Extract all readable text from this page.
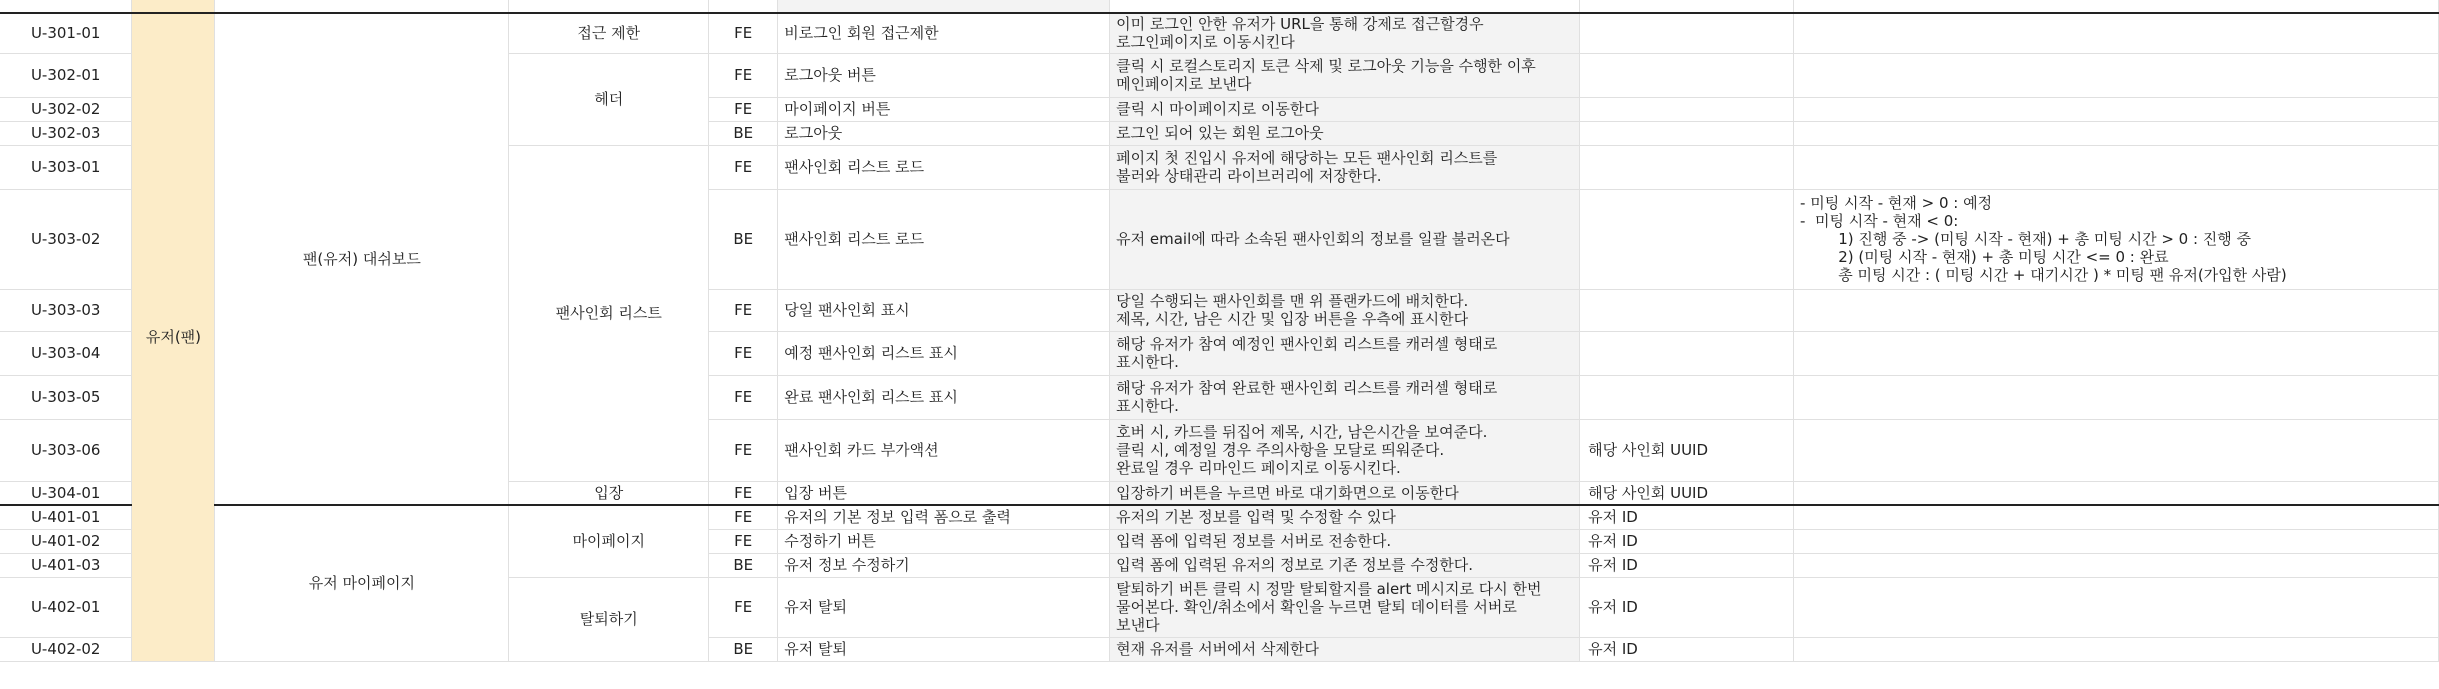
U-301-01	유저(팬)	팬(유저) 대쉬보드	접근 제한	FE	비로그인 회원 접근제한	이미 로그인 안한 유저가 URL을 통해 강제로 접근할경우
로그인페이지로 이동시킨다		
U-302-01			헤더	FE	로그아웃 버튼	클릭 시 로컬스토리지 토큰 삭제 및 로그아웃 기능을 수행한 이후
메인페이지로 보낸다		
U-302-02				FE	마이페이지 버튼	클릭 시 마이페이지로 이동한다		
U-302-03				BE	로그아웃	로그인 되어 있는 회원 로그아웃		
U-303-01			팬사인회 리스트	FE	팬사인회 리스트 로드	페이지 첫 진입시 유저에 해당하는 모든 팬사인회 리스트를
불러와 상태관리 라이브러리에 저장한다.		
U-303-02				BE	팬사인회 리스트 로드	유저 email에 따라 소속된 팬사인회의 정보를 일괄 불러온다		- 미팅 시작 - 현재 > 0 : 예정
-  미팅 시작 - 현재 < 0:
1) 진행 중 -> (미팅 시작 - 현재) + 총 미팅 시간 > 0 : 진행 중
2) (미팅 시작 - 현재) + 총 미팅 시간 <= 0 : 완료
총 미팅 시간 : ( 미팅 시간 + 대기시간 ) * 미팅 팬 유저(가입한 사람)
U-303-03				FE	당일 팬사인회 표시	당일 수행되는 팬사인회를 맨 위 플랜카드에 배치한다.
제목, 시간, 남은 시간 및 입장 버튼을 우측에 표시한다		
U-303-04				FE	예정 팬사인회 리스트 표시	해당 유저가 참여 예정인 팬사인회 리스트를 캐러셀 형태로
표시한다.		
U-303-05				FE	완료 팬사인회 리스트 표시	해당 유저가 참여 완료한 팬사인회 리스트를 캐러셀 형태로
표시한다.		
U-303-06				FE	팬사인회 카드 부가액션	호버 시, 카드를 뒤집어 제목, 시간, 남은시간을 보여준다.
클릭 시, 예정일 경우 주의사항을 모달로 띄워준다.
완료일 경우 리마인드 페이지로 이동시킨다.	해당 사인회 UUID	
U-304-01			입장	FE	입장 버튼	입장하기 버튼을 누르면 바로 대기화면으로 이동한다	해당 사인회 UUID	
U-401-01		유저 마이페이지	마이페이지	FE	유저의 기본 정보 입력 폼으로 출력	유저의 기본 정보를 입력 및 수정할 수 있다	유저 ID	
U-401-02				FE	수정하기 버튼	입력 폼에 입력된 정보를 서버로 전송한다.	유저 ID	
U-401-03				BE	유저 정보 수정하기	입력 폼에 입력된 유저의 정보로 기존 정보를 수정한다.	유저 ID	
U-402-01			탈퇴하기	FE	유저 탈퇴	탈퇴하기 버튼 클릭 시 정말 탈퇴할지를 alert 메시지로 다시 한번
물어본다. 확인/취소에서 확인을 누르면 탈퇴 데이터를 서버로
보낸다	유저 ID	
U-402-02				BE	유저 탈퇴	현재 유저를 서버에서 삭제한다	유저 ID	
